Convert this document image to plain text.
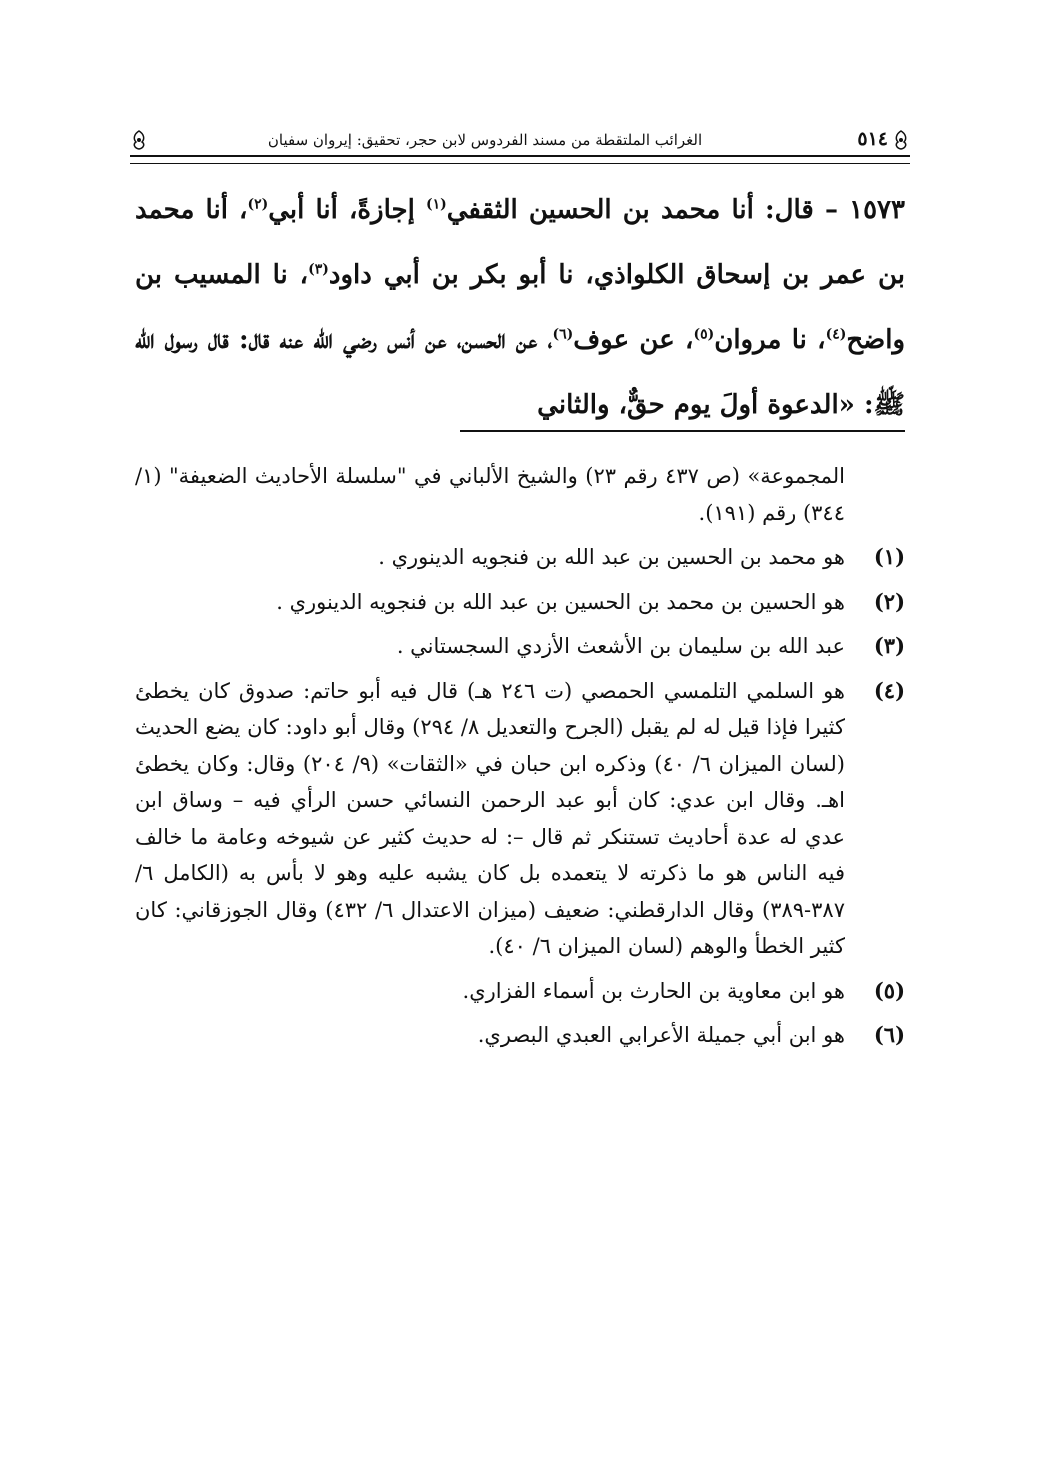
٥١٤
الغرائب الملتقطة من مسند الفردوس لابن حجر، تحقيق: إيروان سفيان

١٥٧٣ – قال: أنا محمد بن الحسين الثقفي$^{(١)}$ إجازةً، أنا أبي$^{(٢)}$، أنا محمد بن عمر بن إسحاق الكلواذي، نا أبو بكر بن أبي داود$^{(٣)}$، نا المسيب بن واضح$^{(٤)}$، نا مروان$^{(٥)}$، عن عوف$^{(٦)}$، عن الحسن، عن أنس رضي الله عنه قال: قال رسول الله ﷺ: «الدعوة أولَ يوم حقٌّ، والثاني

المجموعة» (ص ٤٣٧ رقم ٢٣) والشيخ الألباني في "سلسلة الأحاديث الضعيفة" (١/ ٣٤٤) رقم (١٩١).

(١)
هو محمد بن الحسين بن عبد الله بن فنجويه الدينوري .
(٢)
هو الحسين بن محمد بن الحسين بن عبد الله بن فنجويه الدينوري .
(٣)
عبد الله بن سليمان بن الأشعث الأزدي السجستاني .
(٤)
هو السلمي التلمسي الحمصي (ت ٢٤٦ هـ) قال فيه أبو حاتم: صدوق كان يخطئ كثيرا فإذا قيل له لم يقبل (الجرح والتعديل ٨/ ٢٩٤) وقال أبو داود: كان يضع الحديث (لسان الميزان ٦/ ٤٠) وذكره ابن حبان في «الثقات» (٩/ ٢٠٤) وقال: وكان يخطئ اهـ. وقال ابن عدي: كان أبو عبد الرحمن النسائي حسن الرأي فيه – وساق ابن عدي له عدة أحاديث تستنكر ثم قال –: له حديث كثير عن شيوخه وعامة ما خالف فيه الناس هو ما ذكرته لا يتعمده بل كان يشبه عليه وهو لا بأس به (الكامل ٦/ ٣٨٧-٣٨٩) وقال الدارقطني: ضعيف (ميزان الاعتدال ٦/ ٤٣٢) وقال الجوزقاني: كان كثير الخطأ والوهم (لسان الميزان ٦/ ٤٠).
(٥)
هو ابن معاوية بن الحارث بن أسماء الفزاري.
(٦)
هو ابن أبي جميلة الأعرابي العبدي البصري.
